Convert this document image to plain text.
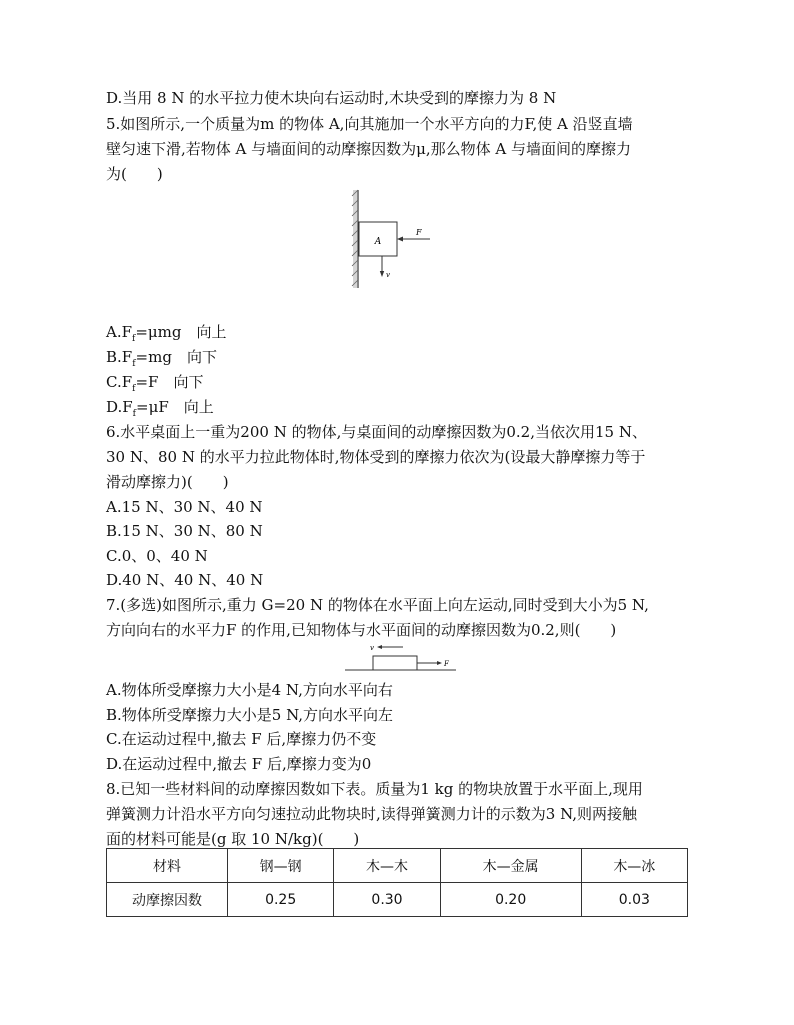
D.当用 8 N 的水平拉力使木块向右运动时,木块受到的摩擦力为 8 N
5.如图所示,一个质量为m 的物体 A,向其施加一个水平方向的力F,使 A 沿竖直墙
壁匀速下滑,若物体 A 与墙面间的动摩擦因数为μ,那么物体 A 与墙面间的摩擦力
为(　　)
A
F
v
$A.F_f=\mu mg$　向上
$B.F_f=mg$　向下
$C.F_f=F$　向下
$D.F_f=\mu F$　向上
6.水平桌面上一重为200 N 的物体,与桌面间的动摩擦因数为0.2,当依次用15 N、
30 N、80 N 的水平力拉此物体时,物体受到的摩擦力依次为(设最大静摩擦力等于
滑动摩擦力)(　　)
A.15 N、30 N、40 N
B.15 N、30 N、80 N
C.0、0、40 N
D.40 N、40 N、40 N
7.(多选)如图所示,重力 G=20 N 的物体在水平面上向左运动,同时受到大小为5 N,
方向向右的水平力F 的作用,已知物体与水平面间的动摩擦因数为0.2,则(　　)
v
F
A.物体所受摩擦力大小是4 N,方向水平向右
B.物体所受摩擦力大小是5 N,方向水平向左
C.在运动过程中,撤去 F 后,摩擦力仍不变
D.在运动过程中,撤去 F 后,摩擦力变为0
8.已知一些材料间的动摩擦因数如下表。质量为1 kg 的物块放置于水平面上,现用
弹簧测力计沿水平方向匀速拉动此物块时,读得弹簧测力计的示数为3 N,则两接触
面的材料可能是(g 取 10 N/kg)(　　)
材料	钢—钢	木—木	木—金属	木—冰
动摩擦因数	0.25	0.30	0.20	0.03
